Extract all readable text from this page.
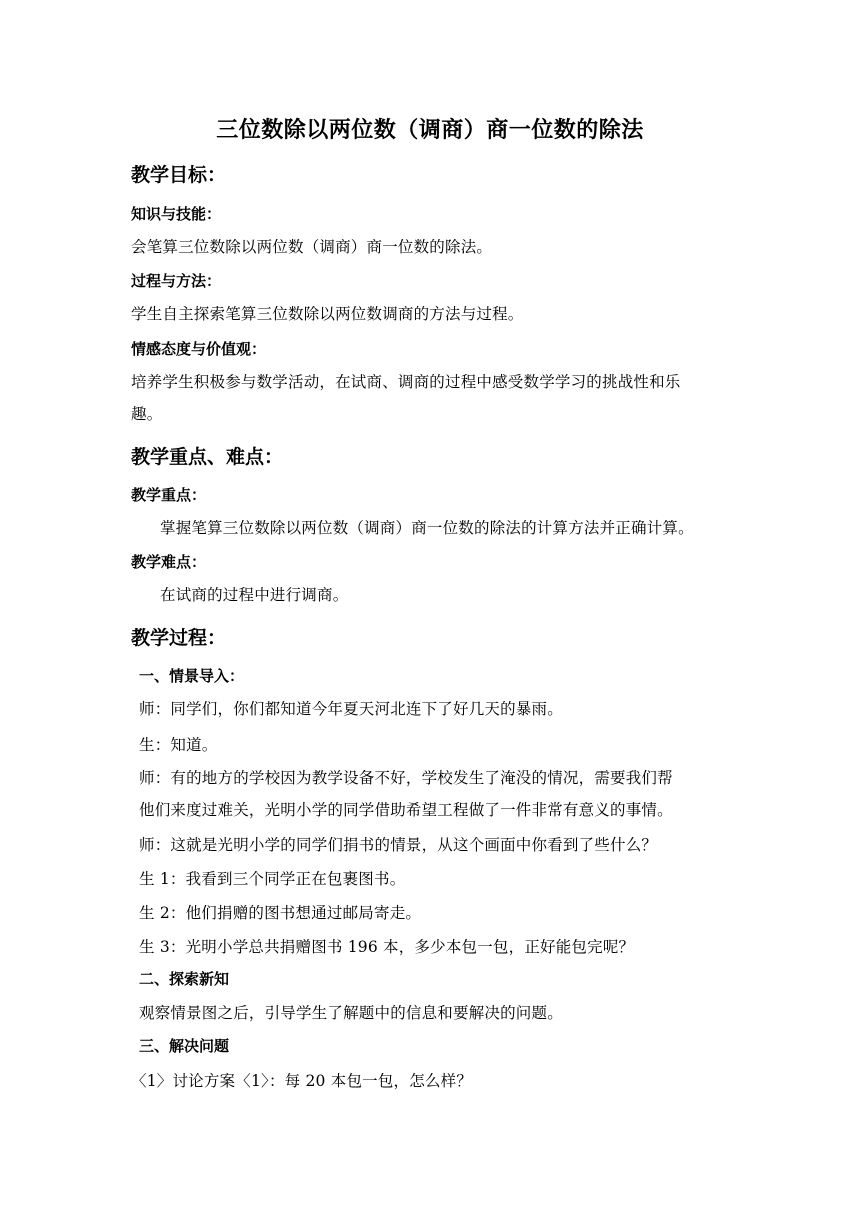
三位数除以两位数（调商）商一位数的除法
教学目标：
知识与技能：
会笔算三位数除以两位数（调商）商一位数的除法。
过程与方法：
学生自主探索笔算三位数除以两位数调商的方法与过程。
情感态度与价值观：
培养学生积极参与数学活动，在试商、调商的过程中感受数学学习的挑战性和乐
趣。
教学重点、难点：
教学重点：
掌握笔算三位数除以两位数（调商）商一位数的除法的计算方法并正确计算。
教学难点：
在试商的过程中进行调商。
教学过程：
一、情景导入：
师：同学们，你们都知道今年夏天河北连下了好几天的暴雨。
生：知道。
师：有的地方的学校因为教学设备不好，学校发生了淹没的情况，需要我们帮
他们来度过难关，光明小学的同学借助希望工程做了一件非常有意义的事情。
师：这就是光明小学的同学们捐书的情景，从这个画面中你看到了些什么？
生 1：我看到三个同学正在包裹图书。
生 2：他们捐赠的图书想通过邮局寄走。
生 3：光明小学总共捐赠图书 196 本，多少本包一包，正好能包完呢？
二、探索新知
观察情景图之后，引导学生了解题中的信息和要解决的问题。
三、解决问题
〈1〉讨论方案〈1〉：每 20 本包一包，怎么样？
